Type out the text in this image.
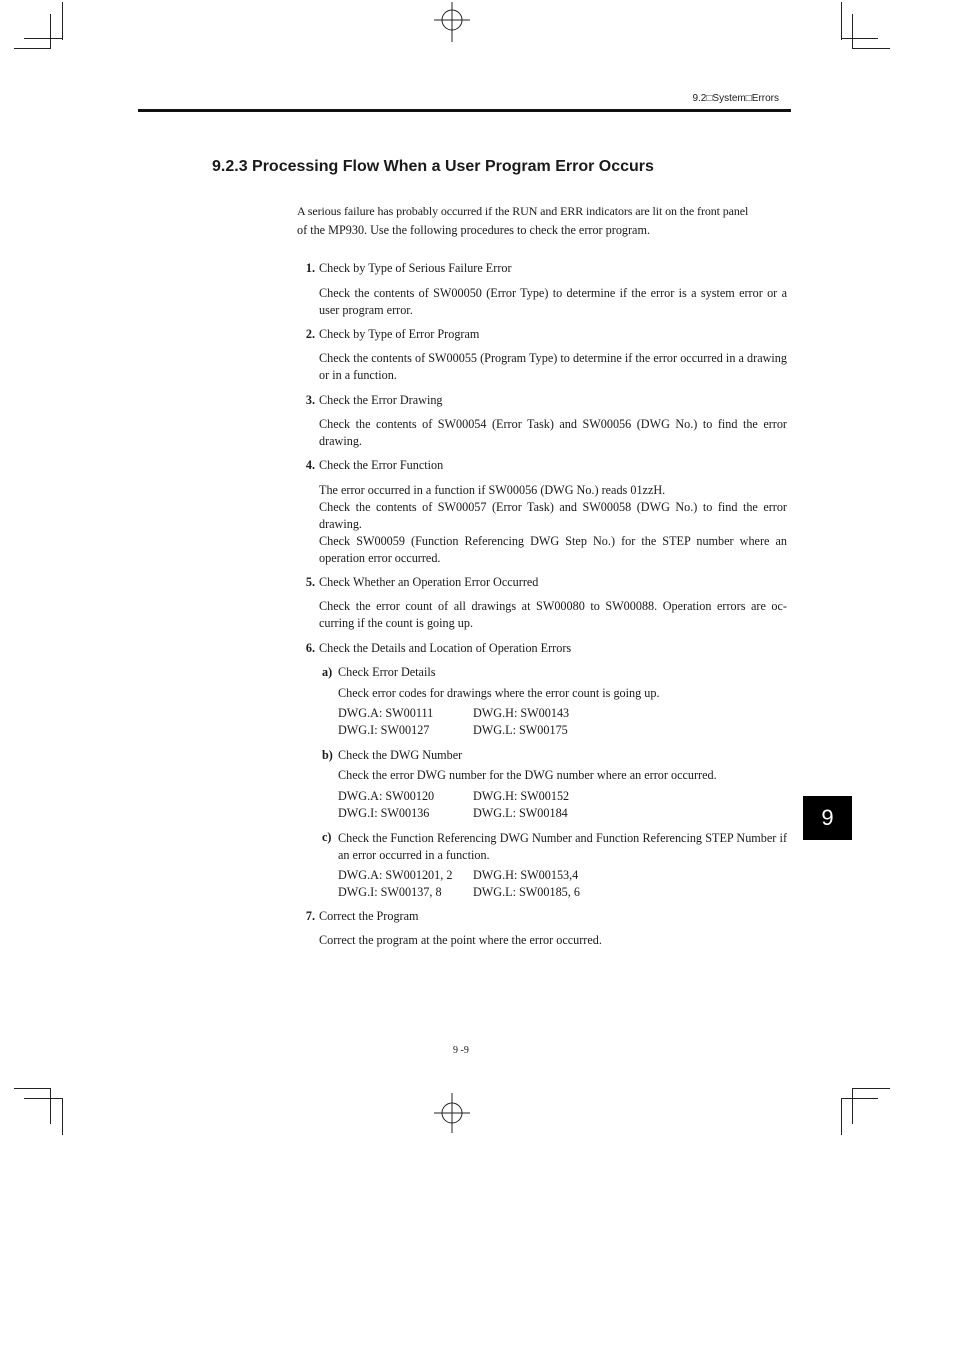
9.2□System□Errors
9.2.3 Processing Flow When a User Program Error Occurs
A serious failure has probably occurred if the RUN and ERR indicators are lit on the front panel
of the MP930. Use the following procedures to check the error program.
1. Check by Type of Serious Failure Error
Check the contents of SW00050 (Error Type) to determine if the error is a system error or a user program error.
2. Check by Type of Error Program
Check the contents of SW00055 (Program Type) to determine if the error occurred in a drawing or in a function.
3. Check the Error Drawing
Check the contents of SW00054 (Error Task) and SW00056 (DWG No.) to find the error drawing.
4. Check the Error Function
The error occurred in a function if SW00056 (DWG No.) reads 01zzH.
Check the contents of SW00057 (Error Task) and SW00058 (DWG No.) to find the error drawing.
Check SW00059 (Function Referencing DWG Step No.) for the STEP number where an operation error occurred.
5. Check Whether an Operation Error Occurred
Check the error count of all drawings at SW00080 to SW00088. Operation errors are oc-curring if the count is going up.
6. Check the Details and Location of Operation Errors
a) Check Error Details
Check error codes for drawings where the error count is going up.
DWG.A: SW00111	DWG.H: SW00143
DWG.I: SW00127	DWG.L: SW00175
b) Check the DWG Number
Check the error DWG number for the DWG number where an error occurred.
DWG.A: SW00120	DWG.H: SW00152
DWG.I: SW00136	DWG.L: SW00184
c) Check the Function Referencing DWG Number and Function Referencing STEP Number if an error occurred in a function.
DWG.A: SW001201, 2 DWG.H: SW00153,4
DWG.I: SW00137, 8	DWG.L: SW00185, 6
7. Correct the Program
Correct the program at the point where the error occurred.
9
9 -9
